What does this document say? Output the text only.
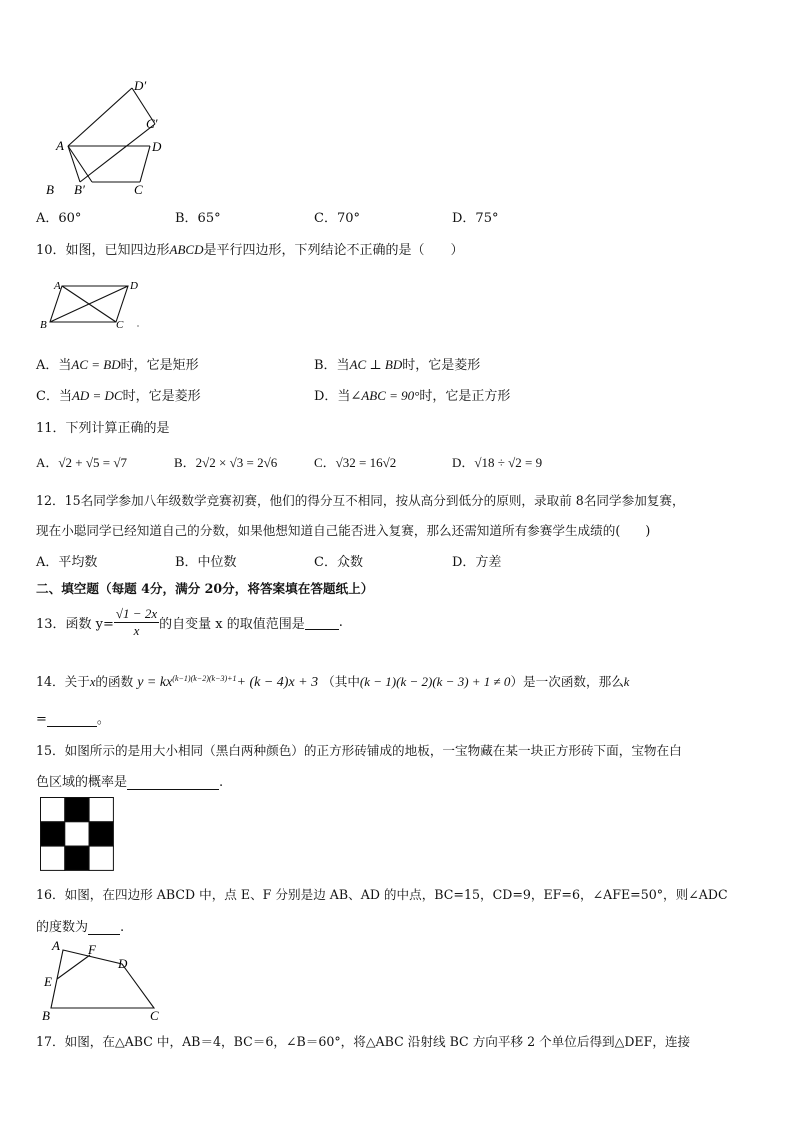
D′
C′
A	D
B B′	C
A．60°	B．65°	C．70°	D．75°
10．如图，已知四边形ABCD是平行四边形，下列结论不正确的是（　　）
A	D
B	C
A．当AC = BD时，它是矩形	B．当AC ⊥ BD时，它是菱形
C．当AD = DC时，它是菱形	D．当∠ABC = 90°时，它是正方形
11．下列计算正确的是
A．√2 + √5 = √7	B．2√2 × √3 = 2√6	C．√32 = 16√2	D．√18 ÷ √2 = 9
12．15名同学参加八年级数学竞赛初赛，他们的得分互不相同，按从高分到低分的原则，录取前 8名同学参加复赛，
现在小聪同学已经知道自己的分数，如果他想知道自己能否进入复赛，那么还需知道所有参赛学生成绩的(　　)
A．平均数	B．中位数	C．众数	D．方差
二、填空题（每题 4分，满分 20分，将答案填在答题纸上）
13．函数 $y= \frac{√1 - 2x}{x}$ 的自变量 x 的取值范围是	.
14．关于x的函数 $y = kx^{(k-1)(k-2)(k-3)+1}+ (k - 4)x + 3$ （其中(k − 1)(k − 2)(k − 3) + 1 ≠ 0）是一次函数，那么k
=	。
15．如图所示的是用大小相同（黑白两种颜色）的正方形砖铺成的地板，一宝物藏在某一块正方形砖下面，宝物在白
色区域的概率是	.
16．如图，在四边形 ABCD 中，点 E、F 分别是边 AB、AD 的中点，BC=15，CD=9，EF=6，∠AFE=50°，则∠ADC
的度数为 .
A F
D
E
B	C
17．如图，在△ABC 中，AB＝4，BC＝6，∠B＝60°，将△ABC 沿射线 BC 方向平移 2 个单位后得到△DEF，连接
